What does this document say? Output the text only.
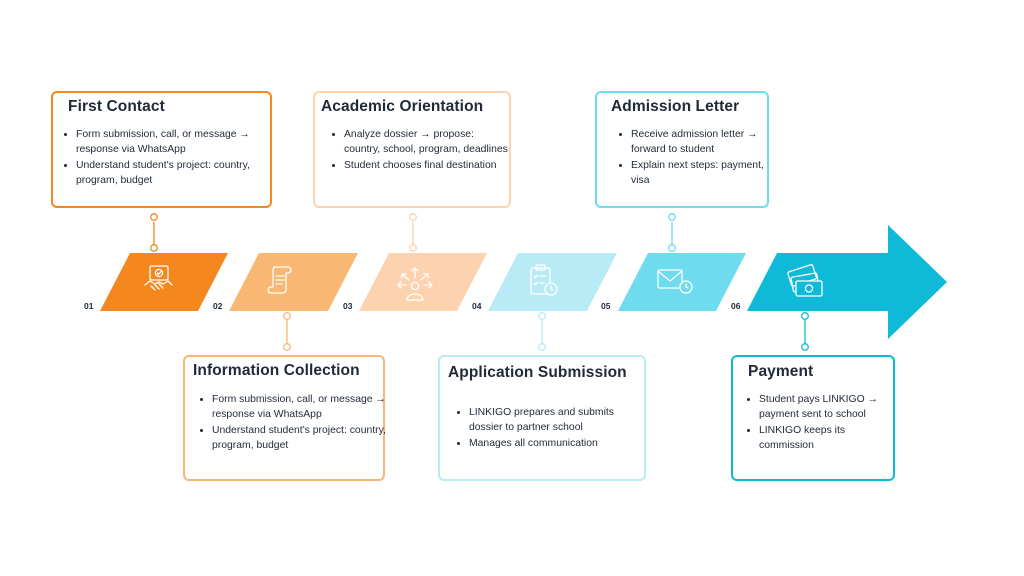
01	02	03	04	05	06
First Contact
• Form submission, call, or message → response via WhatsApp
• Understand student's project: country, program, budget
Information Collection
• Form submission, call, or message → response via WhatsApp
• Understand student's project: country, program, budget
Academic Orientation
• Analyze dossier → propose: country, school, program, deadlines
• Student chooses final destination
Application Submission
• LINKIGO prepares and submits dossier to partner school
• Manages all communication
Admission Letter
• Receive admission letter → forward to student
• Explain next steps: payment, visa
Payment
• Student pays LINKIGO → payment sent to school
• LINKIGO keeps its commission
